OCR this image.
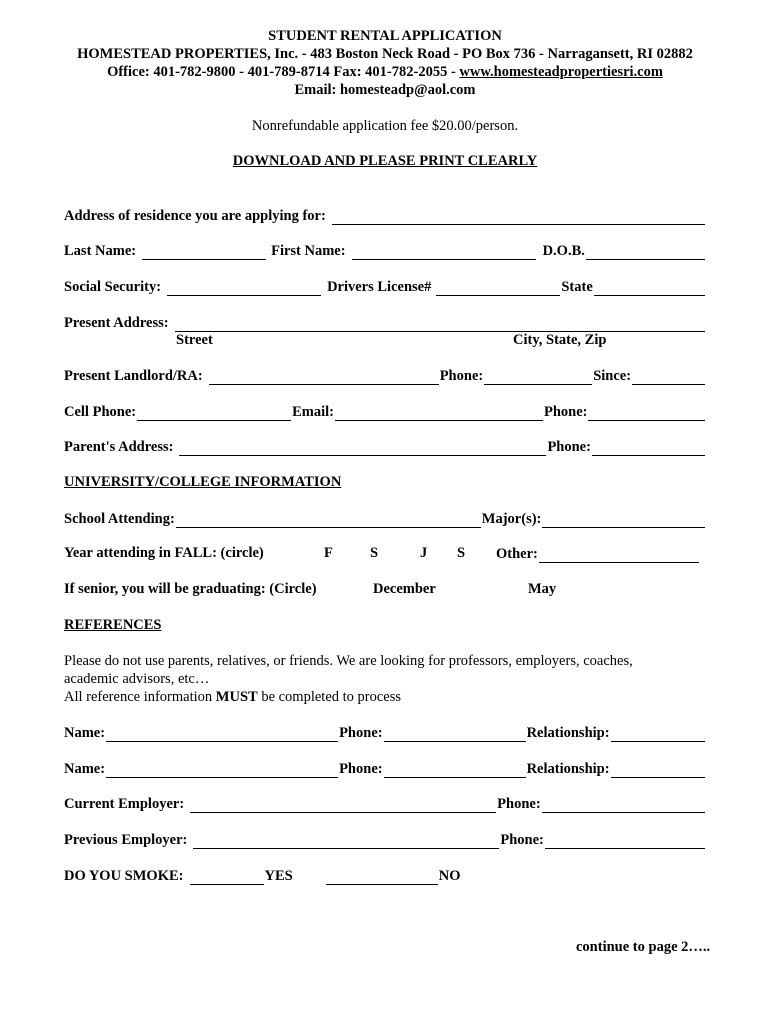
STUDENT RENTAL APPLICATION
HOMESTEAD PROPERTIES, Inc. - 483 Boston Neck Road - PO Box 736 - Narragansett, RI 02882
Office: 401-782-9800 - 401-789-8714 Fax: 401-782-2055 - www.homesteadpropertiesri.com
Email: homesteadp@aol.com
Nonrefundable application fee $20.00/person.
DOWNLOAD AND PLEASE PRINT CLEARLY
Address of residence you are applying for:
Last Name:	First Name:	D.O.B.
Social Security:	Drivers License#	State
Present Address:
Street	City, State, Zip
Present Landlord/RA:	Phone:	Since:
Cell Phone:	Email:	Phone:
Parent's Address:	Phone:
UNIVERSITY/COLLEGE INFORMATION
School Attending:	Major(s):
Year attending in FALL: (circle)	F	S	J S Other:
If senior, you will be graduating: (Circle)	December	May
REFERENCES
Please do not use parents, relatives, or friends. We are looking for professors, employers, coaches,
academic advisors, etc…
All reference information MUST be completed to process
Name:	Phone:	Relationship:
Name:	Phone:	Relationship:
Current Employer:	Phone:
Previous Employer:	Phone:
DO YOU SMOKE:	YES	NO
continue to page 2…..
